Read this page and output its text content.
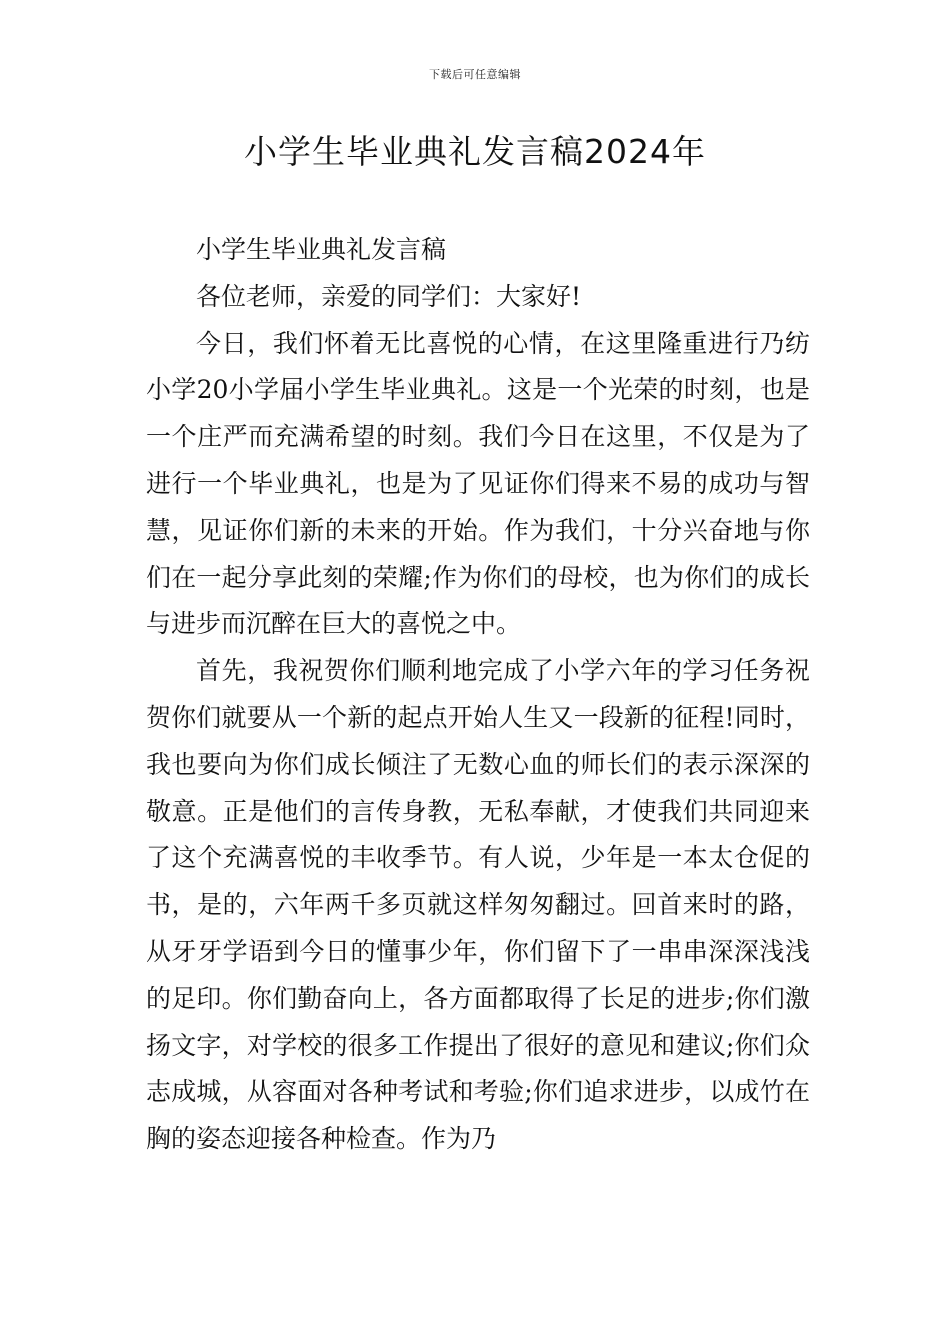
下载后可任意编辑
小学生毕业典礼发言稿2024年

小学生毕业典礼发言稿

各位老师，亲爱的同学们：大家好!

今日，我们怀着无比喜悦的心情，在这里隆重进行乃纺小学20小学届小学生毕业典礼。这是一个光荣的时刻，也是一个庄严而充满希望的时刻。我们今日在这里，不仅是为了进行一个毕业典礼，也是为了见证你们得来不易的成功与智慧，见证你们新的未来的开始。作为我们，十分兴奋地与你们在一起分享此刻的荣耀;作为你们的母校，也为你们的成长与进步而沉醉在巨大的喜悦之中。

首先，我祝贺你们顺利地完成了小学六年的学习任务祝贺你们就要从一个新的起点开始人生又一段新的征程!同时，我也要向为你们成长倾注了无数心血的师长们的表示深深的敬意。正是他们的言传身教，无私奉献，才使我们共同迎来了这个充满喜悦的丰收季节。有人说，少年是一本太仓促的书，是的，六年两千多页就这样匆匆翻过。回首来时的路，从牙牙学语到今日的懂事少年，你们留下了一串串深深浅浅的足印。你们勤奋向上，各方面都取得了长足的进步;你们激扬文字，对学校的很多工作提出了很好的意见和建议;你们众志成城，从容面对各种考试和考验;你们追求进步，以成竹在胸的姿态迎接各种检查。作为乃
